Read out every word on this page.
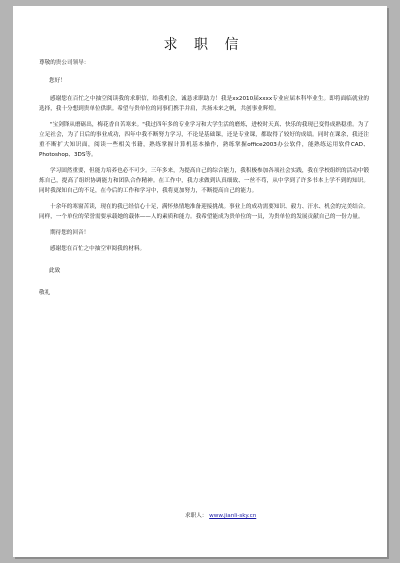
求 职 信
尊敬的贵公司领导：
您好！

感谢您在百忙之中抽空阅读我的求职信，给我机会，诚恳求职助力！我是xx2010届xxxx专业应届本科毕业生。即将面临就业的选择，我十分想到贵单位供职。希望与贵单位的同事们携手并肩，共扬未来之帆，共创事业辉煌。

"宝剑锋从磨砺出，梅花香自苦寒来。"我过四年多的专业学习和大学生活的磨炼，进校时天真、快乐的我现已变得成熟稳重。为了立足社会，为了日后的事业成功，四年中我不断努力学习，不论是基础课，还是专业课，都取得了较好的成绩。同时在课余，我还注重不断扩大知识面，阅读一些相关书籍，熟练掌握计算机基本操作，熟练掌握office2003办公软件，能熟练运用软件CAD、Photoshop、3DS等。

学习固然重要，但能力培养也必不可少。三年多来，为提高自己的综合能力，我积极参加各项社会实践，我在学校组织的活动中锻炼自己，提高了组织协调能力和团队合作精神。在工作中，我力求做到认真细致、一丝不苟，从中学到了许多书本上学不到的知识。同时我深知自己的不足，在今后的工作和学习中，我将更加努力，不断提高自己的能力。

十余年的寒窗苦读，现在的我已经信心十足，满怀热情地准备迎接挑战。事业上的成功需要知识、毅力、汗水、机会的完美结合。同样，一个单位的荣誉需要承载她的载体——人的素质和能力。我希望能成为贵单位的一员，为贵单位的发展贡献自己的一份力量。

期待您的回音！

感谢您在百忙之中抽空审阅我的材料。

此致
敬礼
求职人： www.jianli-sky.cn
